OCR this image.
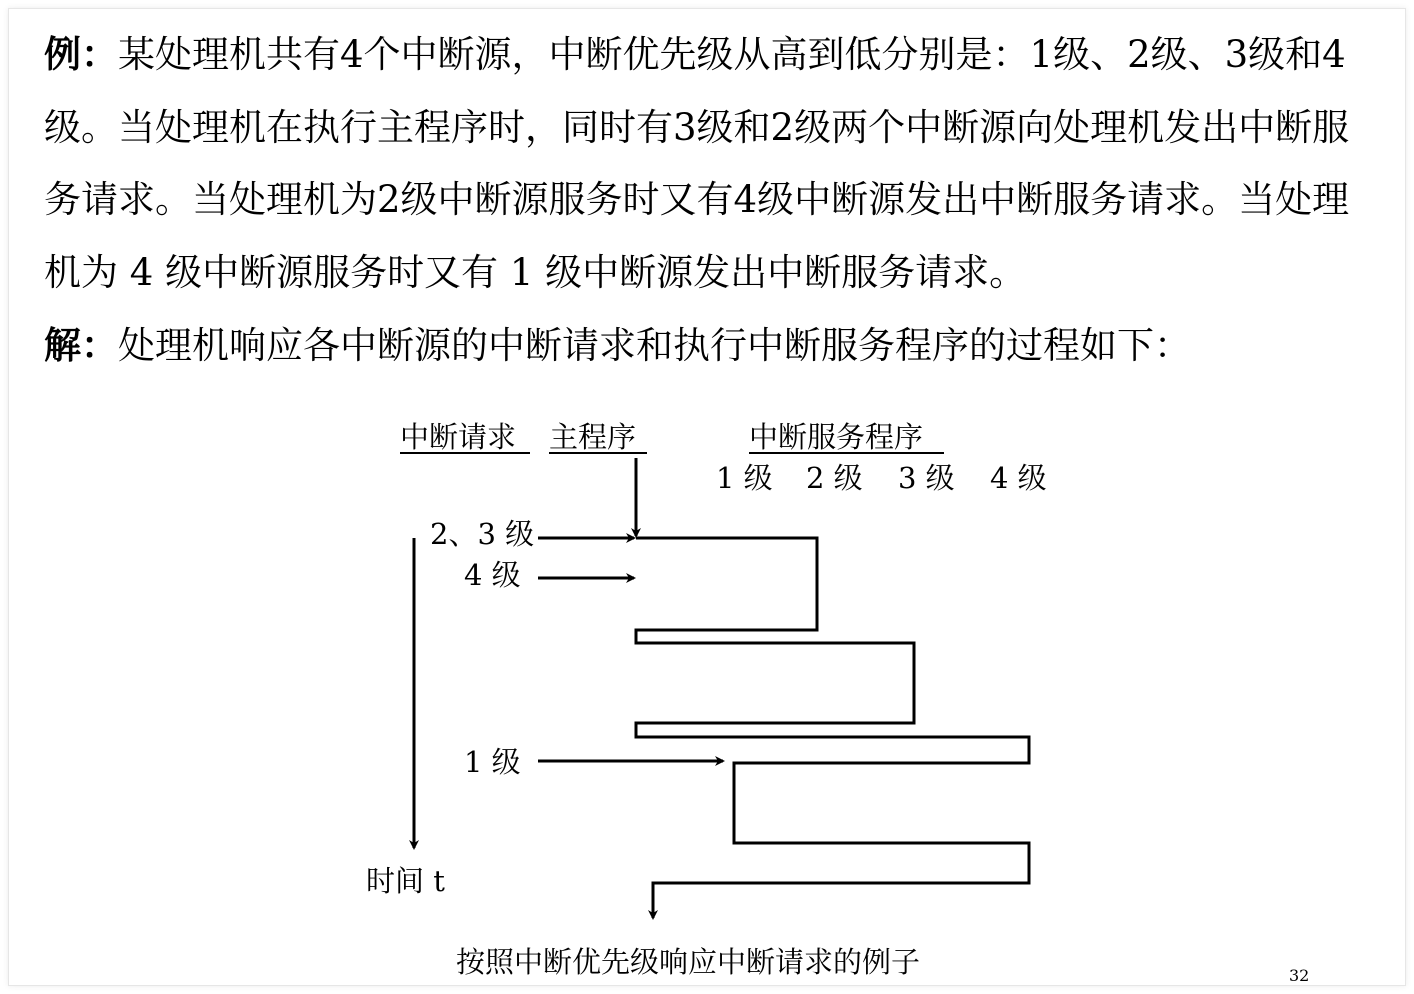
例：某处理机共有4个中断源，中断优先级从高到低分别是：1级、2级、3级和4级。当处理机在执行主程序时，同时有3级和2级两个中断源向处理机发出中断服务请求。当处理机为2级中断源服务时又有4级中断源发出中断服务请求。当处理机为 4 级中断源服务时又有 1 级中断源发出中断服务请求。

解：处理机响应各中断源的中断请求和执行中断服务程序的过程如下：

中断请求 主程序	中断服务程序
1 级 2 级 3 级 4 级
2、3 级
4 级
1 级
时间 t
按照中断优先级响应中断请求的例子	32
